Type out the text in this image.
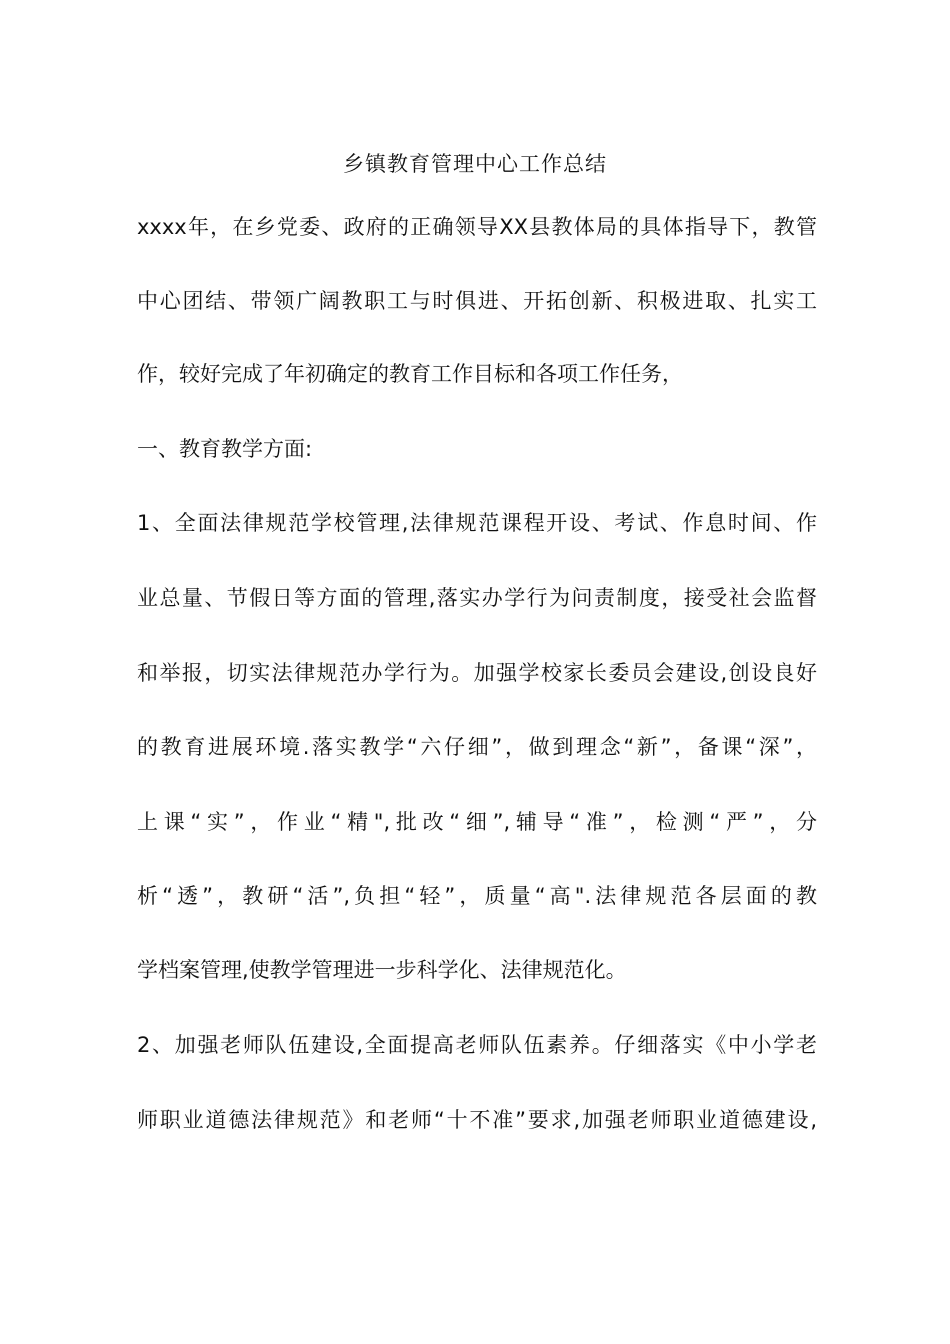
乡镇教育管理中心工作总结
xxxx年，在乡党委、政府的正确领导XX县教体局的具体指导下，教管
中心团结、带领广阔教职工与时俱进、开拓创新、积极进取、扎实工
作，较好完成了年初确定的教育工作目标和各项工作任务，
一、教育教学方面:
1、全面法律规范学校管理,法律规范课程开设、考试、作息时间、作
业总量、节假日等方面的管理,落实办学行为问责制度，接受社会监督
和举报，切实法律规范办学行为。加强学校家长委员会建设,创设良好
的教育进展环境.落实教学“六仔细”，做到理念“新”，备课“深”，
上课“实”，作业“精",批改“细”,辅导“准”，检测“严”，分
析“透”，教研“活”,负担“轻”，质量“高".法律规范各层面的教
学档案管理,使教学管理进一步科学化、法律规范化。
2、加强老师队伍建设,全面提高老师队伍素养。仔细落实《中小学老
师职业道德法律规范》和老师“十不准”要求,加强老师职业道德建设,
